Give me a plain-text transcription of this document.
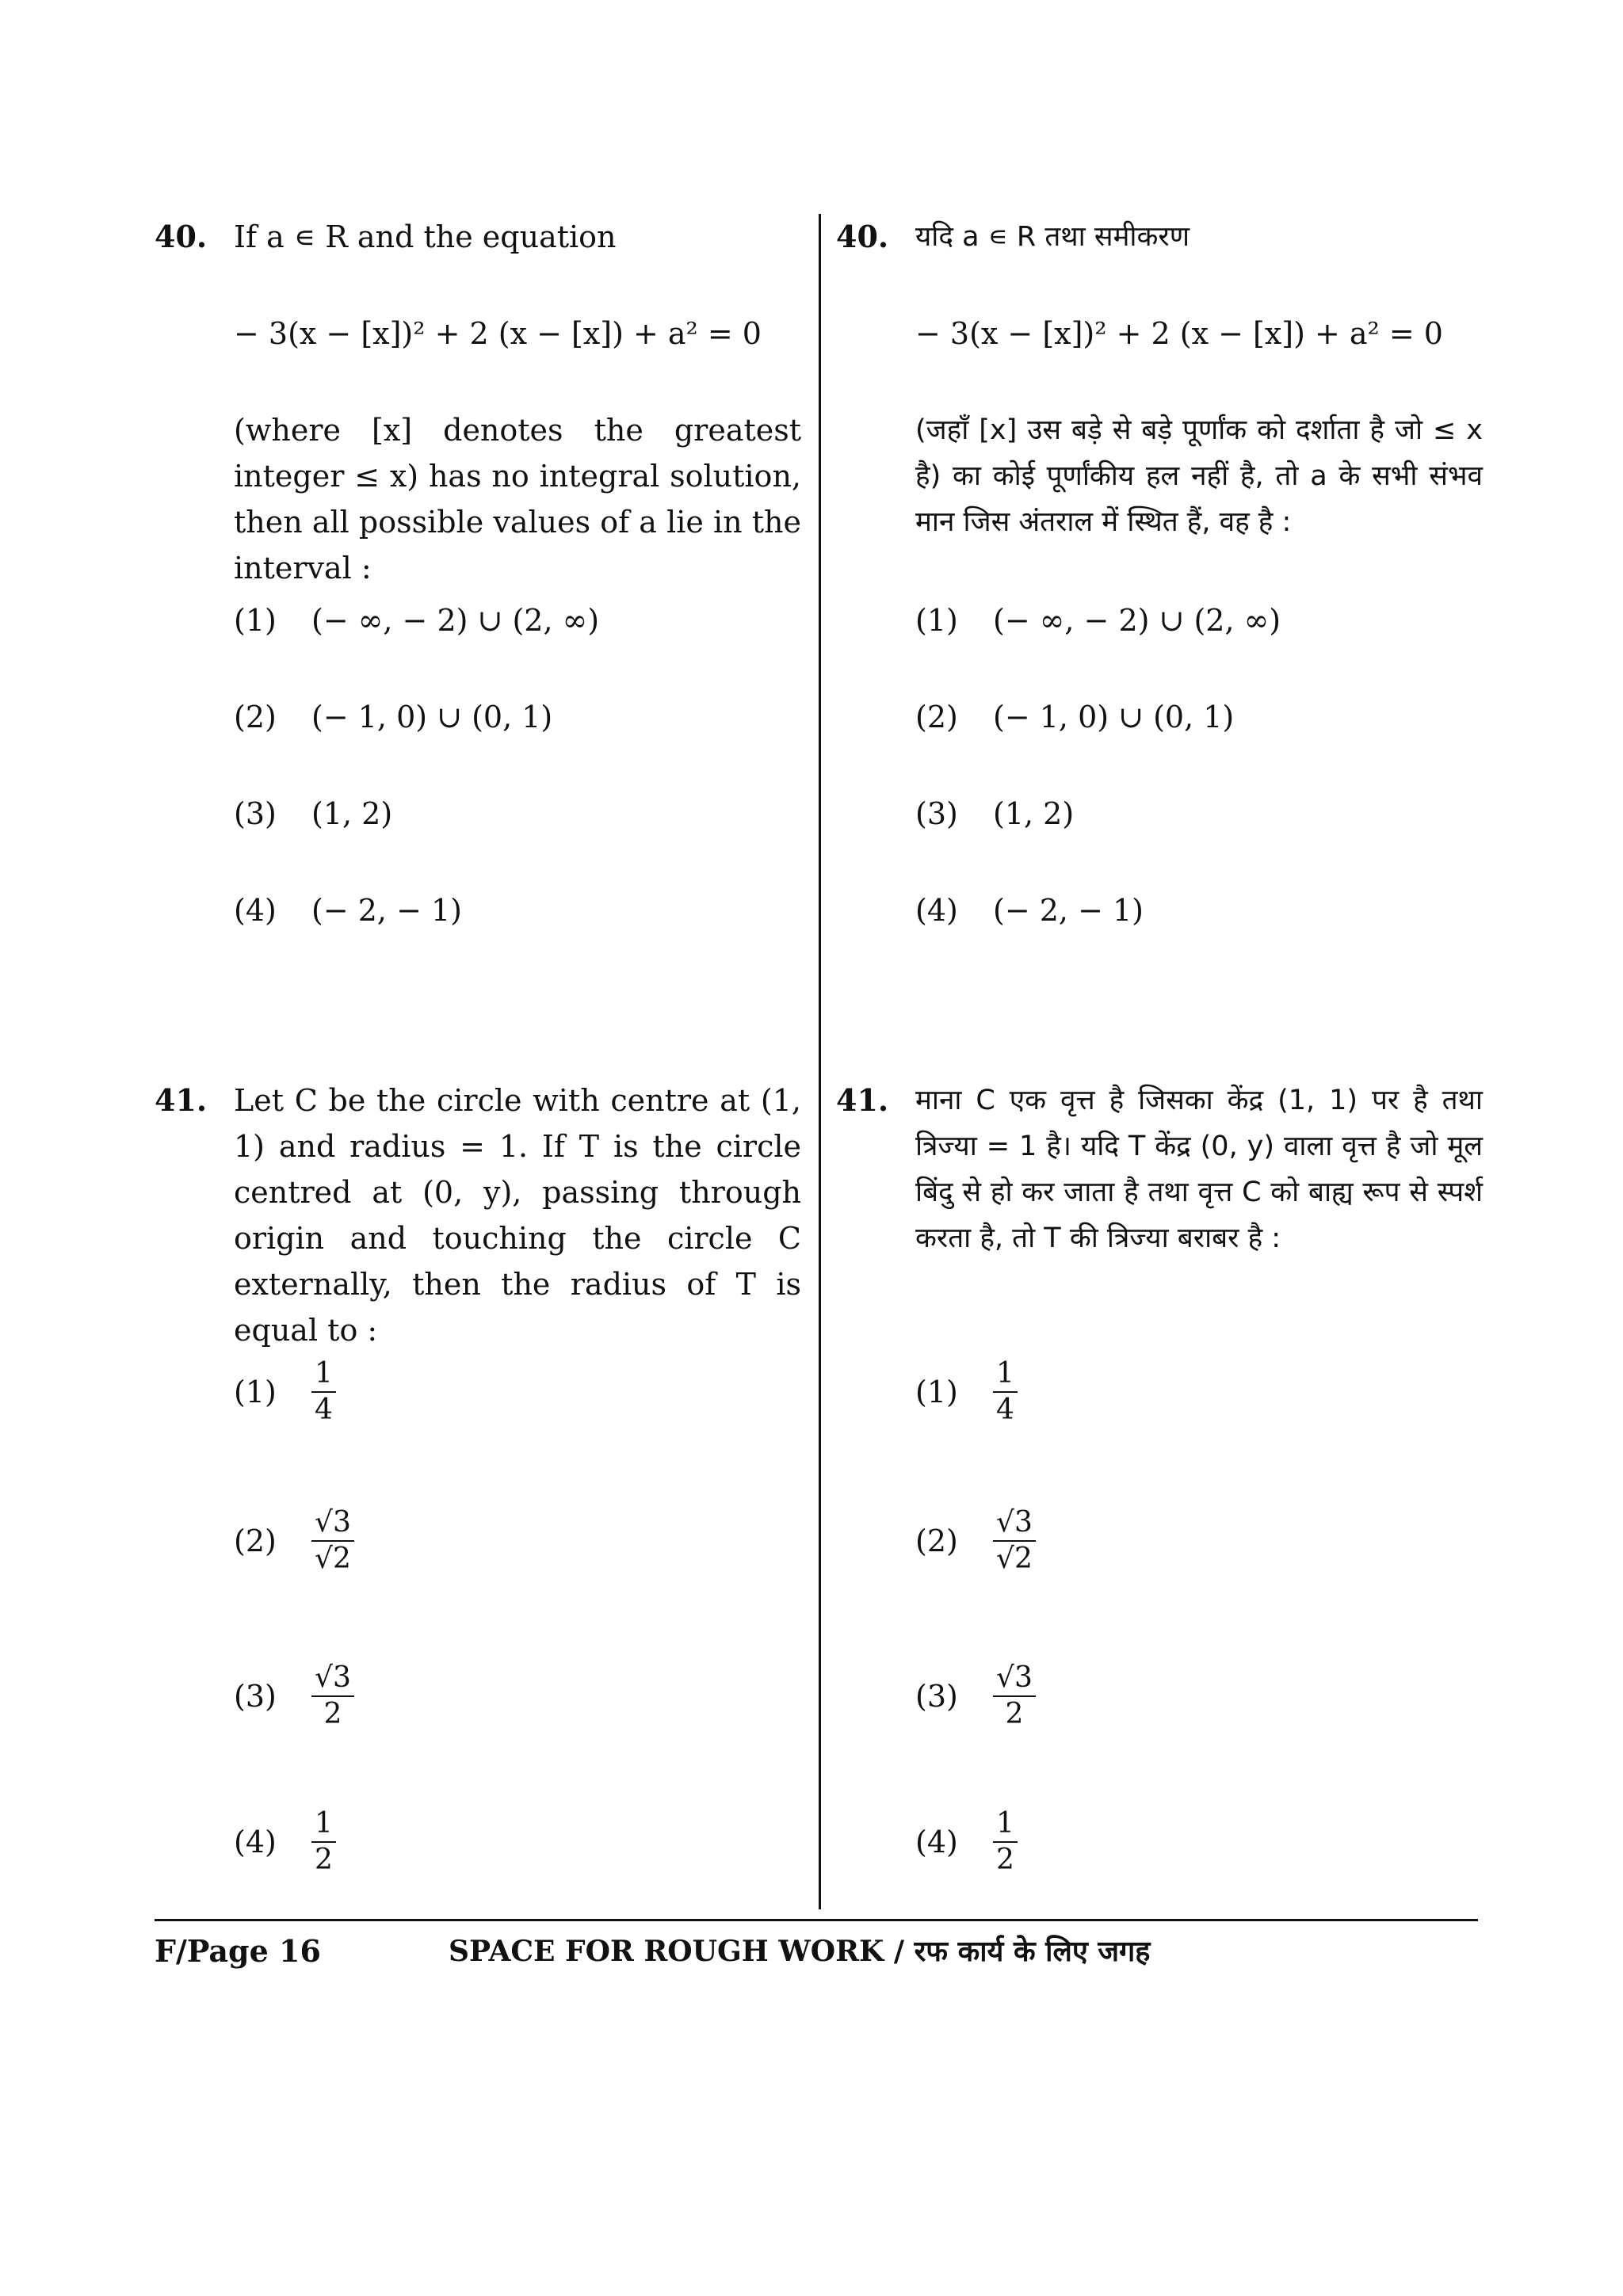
40. If a ∊ R and the equation
− 3(x − [x])² + 2 (x − [x]) + a² = 0
(where [x] denotes the greatest integer ≤ x) has no integral solution, then all possible values of a lie in the interval :
(1) (− ∞, − 2) ∪ (2, ∞)
(2) (− 1, 0) ∪ (0, 1)
(3) (1, 2)
(4) (− 2, − 1)
41. Let C be the circle with centre at (1, 1) and radius = 1. If T is the circle centred at (0, y), passing through origin and touching the circle C externally, then the radius of T is equal to :
(1)	$\frac{1}{4}$
(2)	$\frac{√3}{√2}$
(3)	$\frac{√3}{2}$
(4)	$\frac{1}{2}$
40. यदि a ∊ R तथा समीकरण
− 3(x − [x])² + 2 (x − [x]) + a² = 0
(जहाँ [x] उस बड़े से बड़े पूर्णांक को दर्शाता है जो ≤ x है) का कोई पूर्णांकीय हल नहीं है, तो a के सभी संभव मान जिस अंतराल में स्थित हैं, वह है :
(1) (− ∞, − 2) ∪ (2, ∞)
(2) (− 1, 0) ∪ (0, 1)
(3) (1, 2)
(4) (− 2, − 1)
41. माना C एक वृत्त है जिसका केंद्र (1, 1) पर है तथा त्रिज्या = 1 है। यदि T केंद्र (0, y) वाला वृत्त है जो मूल बिंदु से हो कर जाता है तथा वृत्त C को बाह्य रूप से स्पर्श करता है, तो T की त्रिज्या बराबर है :
(1)	$\frac{1}{4}$
(2)	$\frac{√3}{√2}$
(3)	$\frac{√3}{2}$
(4)	$\frac{1}{2}$
F/Page 16	SPACE FOR ROUGH WORK / रफ कार्य के लिए जगह
